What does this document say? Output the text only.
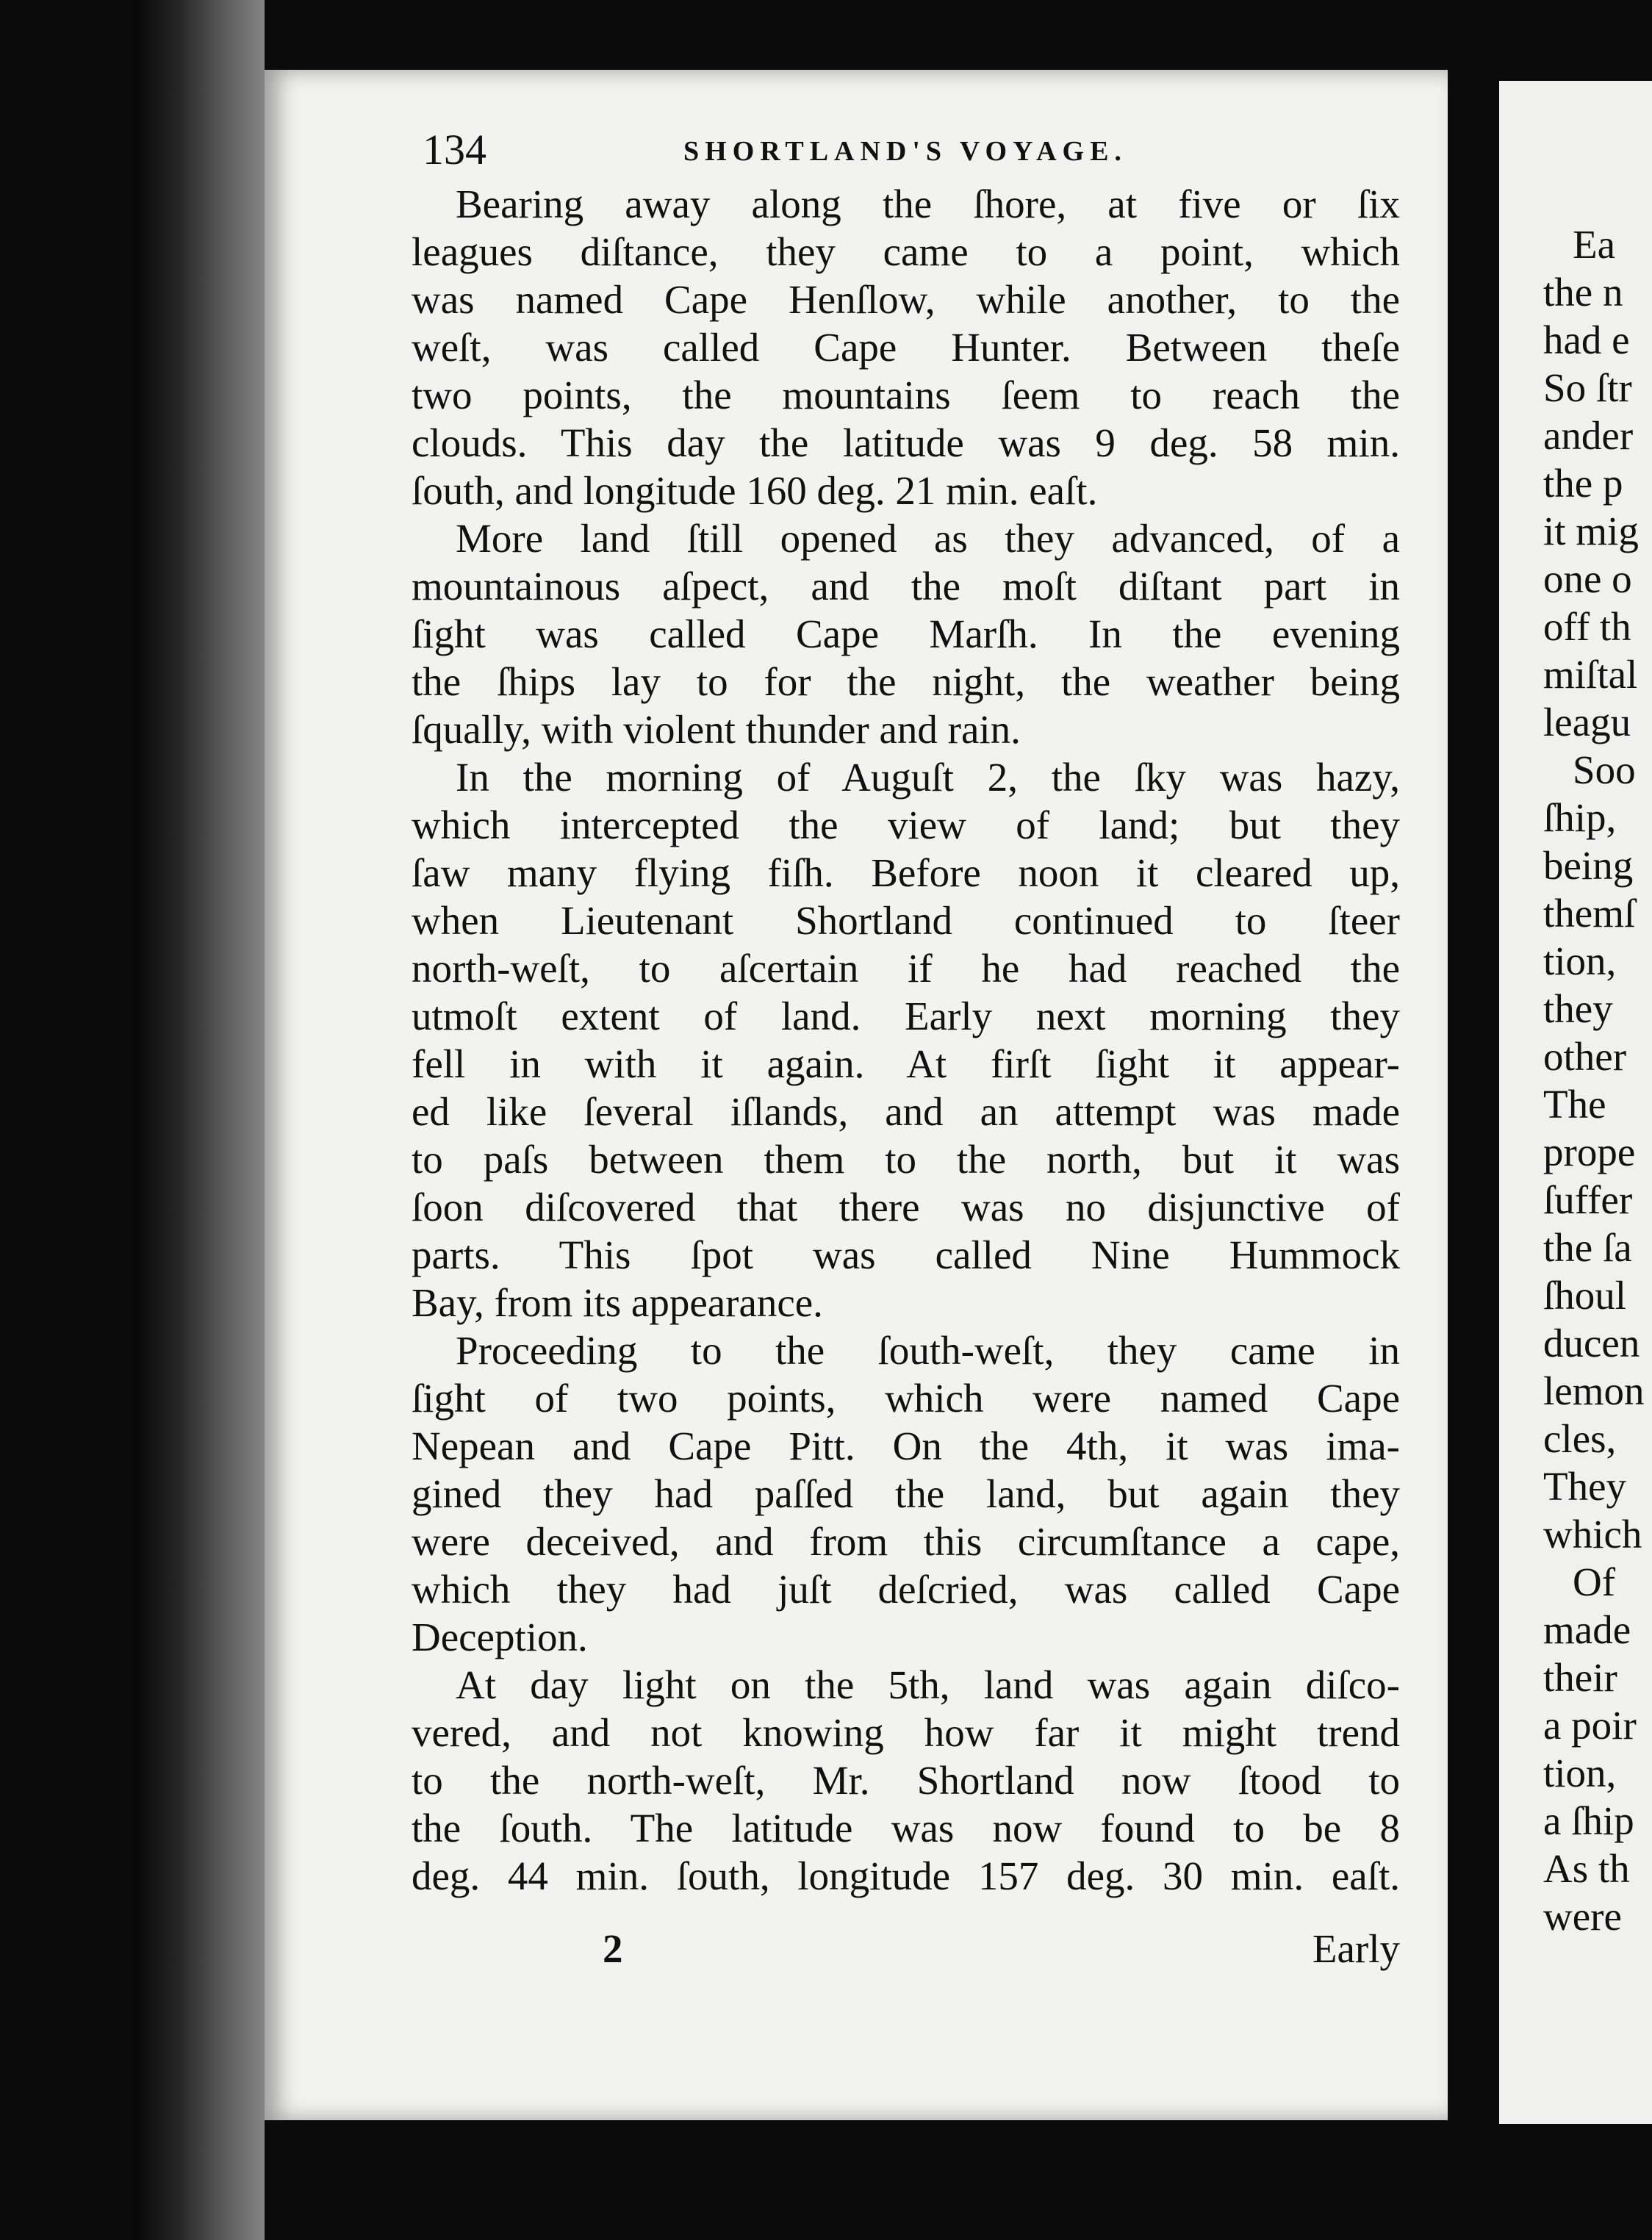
Ea
the n
had e
So ſtr
ander
the p
it mig
one o
off th
miſtal
leagu
Soo
ſhip,
being
themſ
tion,
they
other
The
prope
ſuffer
the ſa
ſhoul
ducen
lemon
cles,
They
which
Of
made
their
a poir
tion,
a ſhip
As th
were
134	SHORTLAND'S VOYAGE.
Bearing away along the ſhore, at five or ſix
leagues diſtance, they came to a point, which
was named Cape Henſlow, while another, to the
weſt, was called Cape Hunter. Between theſe
two points, the mountains ſeem to reach the
clouds. This day the latitude was 9 deg. 58 min.
ſouth, and longitude 160 deg. 21 min. eaſt.
More land ſtill opened as they advanced, of a
mountainous aſpect, and the moſt diſtant part in
ſight was called Cape Marſh. In the evening
the ſhips lay to for the night, the weather being
ſqually, with violent thunder and rain.
In the morning of Auguſt 2, the ſky was hazy,
which intercepted the view of land; but they
ſaw many flying fiſh. Before noon it cleared up,
when Lieutenant Shortland continued to ſteer
north-weſt, to aſcertain if he had reached the
utmoſt extent of land. Early next morning they
fell in with it again. At firſt ſight it appear-
ed like ſeveral iſlands, and an attempt was made
to paſs between them to the north, but it was
ſoon diſcovered that there was no disjunctive of
parts. This ſpot was called Nine Hummock
Bay, from its appearance.
Proceeding to the ſouth-weſt, they came in
ſight of two points, which were named Cape
Nepean and Cape Pitt. On the 4th, it was ima-
gined they had paſſed the land, but again they
were deceived, and from this circumſtance a cape,
which they had juſt deſcried, was called Cape
Deception.
At day light on the 5th, land was again diſco-
vered, and not knowing how far it might trend
to the north-weſt, Mr. Shortland now ſtood to
the ſouth. The latitude was now found to be 8
deg. 44 min. ſouth, longitude 157 deg. 30 min. eaſt.
2	Early
